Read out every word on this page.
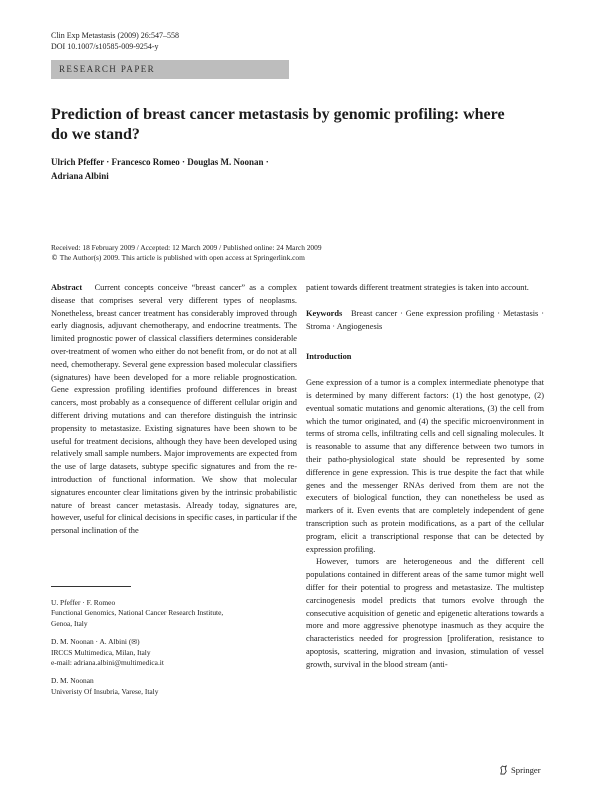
Clin Exp Metastasis (2009) 26:547–558
DOI 10.1007/s10585-009-9254-y
RESEARCH PAPER
Prediction of breast cancer metastasis by genomic profiling: where do we stand?
Ulrich Pfeffer · Francesco Romeo · Douglas M. Noonan ·
Adriana Albini
Received: 18 February 2009 / Accepted: 12 March 2009 / Published online: 24 March 2009
© The Author(s) 2009. This article is published with open access at Springerlink.com

Abstract Current concepts conceive “breast cancer” as a complex disease that comprises several very different types of neoplasms. Nonetheless, breast cancer treatment has considerably improved through early diagnosis, adjuvant chemotherapy, and endocrine treatments. The limited prognostic power of classical classifiers determines considerable over-treatment of women who either do not benefit from, or do not at all need, chemotherapy. Several gene expression based molecular classifiers (signatures) have been developed for a more reliable prognostication. Gene expression profiling identifies profound differences in breast cancers, most probably as a consequence of different cellular origin and different driving mutations and can therefore distinguish the intrinsic propensity to metastasize. Existing signatures have been shown to be useful for treatment decisions, although they have been developed using relatively small sample numbers. Major improvements are expected from the use of large datasets, subtype specific signatures and from the re-introduction of functional information. We show that molecular signatures encounter clear limitations given by the intrinsic probabilistic nature of breast cancer metastasis. Already today, signatures are, however, useful for clinical decisions in specific cases, in particular if the personal inclination of the

U. Pfeffer · F. Romeo
Functional Genomics, National Cancer Research Institute,
Genoa, Italy
D. M. Noonan · A. Albini (✉)
IRCCS Multimedica, Milan, Italy
e-mail: adriana.albini@multimedica.it
D. M. Noonan
Univeristy Of Insubria, Varese, Italy

patient towards different treatment strategies is taken into account.

Keywords Breast cancer · Gene expression profiling · Metastasis · Stroma · Angiogenesis

Introduction

Gene expression of a tumor is a complex intermediate phenotype that is determined by many different factors: (1) the host genotype, (2) eventual somatic mutations and genomic alterations, (3) the cell from which the tumor originated, and (4) the specific microenvironment in terms of stroma cells, infiltrating cells and cell signaling molecules. It is reasonable to assume that any difference between two tumors in their patho-physiological state should be represented by some difference in gene expression. This is true despite the fact that while genes and the messenger RNAs derived from them are not the executers of biological function, they can nonetheless be used as markers of it. Even events that are completely independent of gene transcription such as protein modifications, as a part of the cellular program, elicit a transcriptional response that can be detected by expression profiling.

However, tumors are heterogeneous and the different cell populations contained in different areas of the same tumor might well differ for their potential to progress and metastasize. The multistep carcinogenesis model predicts that tumors evolve through the consecutive acquisition of genetic and epigenetic alterations towards a more and more aggressive phenotype inasmuch as they acquire the characteristics needed for progression [proliferation, resistance to apoptosis, scattering, migration and invasion, stimulation of vessel growth, survival in the blood stream (anti-

Springer
